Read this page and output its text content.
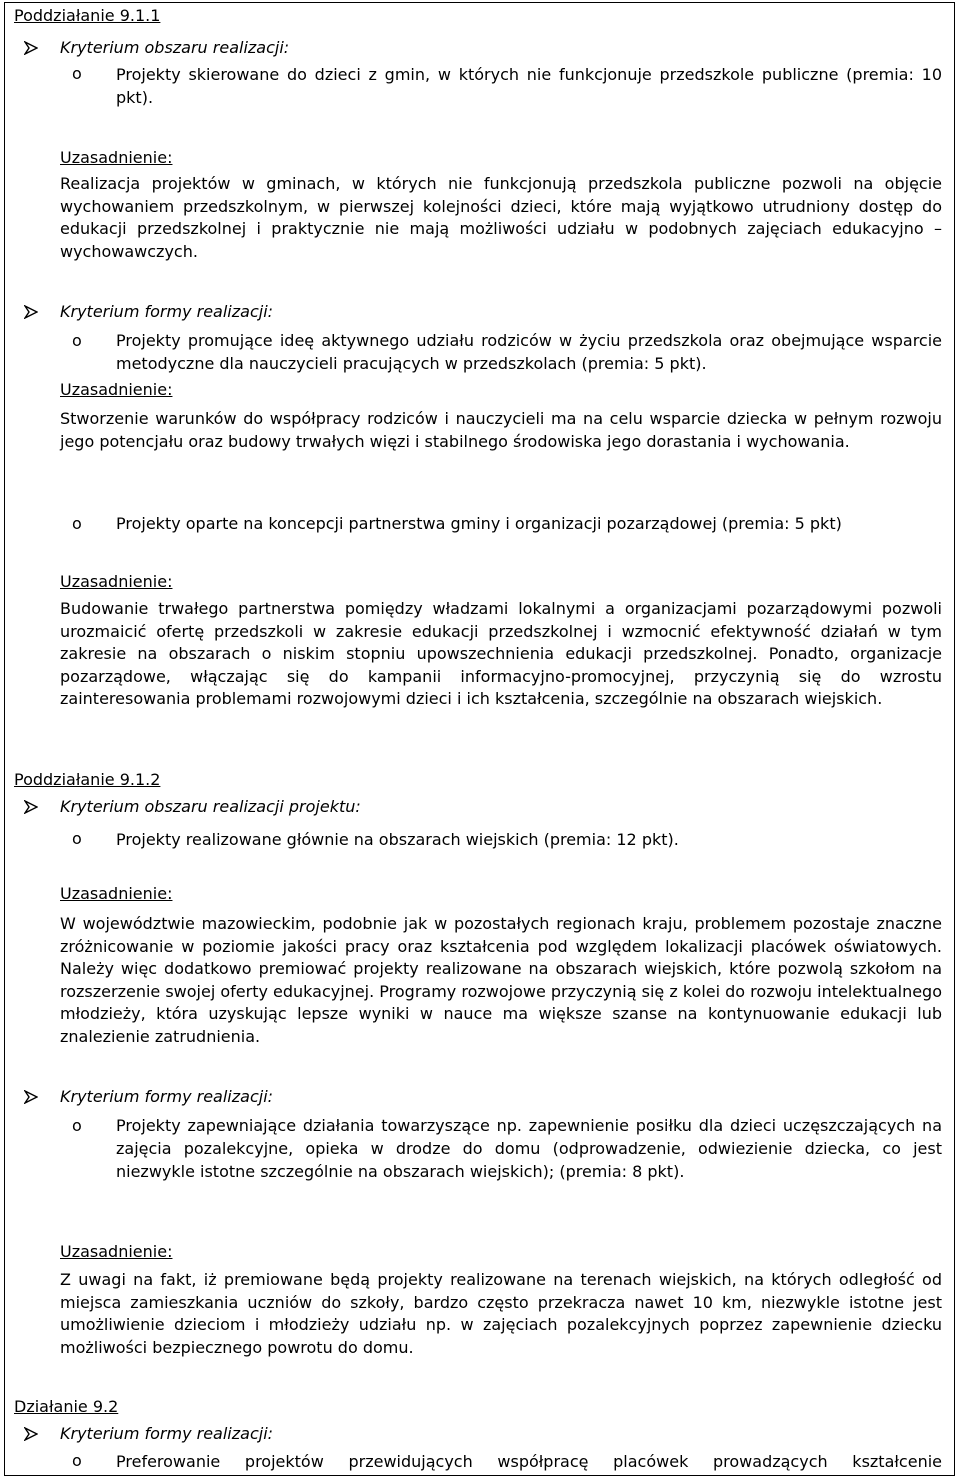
Poddziałanie 9.1.1
Kryterium obszaru realizacji:
o Projekty skierowane do dzieci z gmin, w których nie funkcjonuje przedszkole publiczne (premia: 10 pkt).
Uzasadnienie:
Realizacja projektów w gminach, w których nie funkcjonują przedszkola publiczne pozwoli na objęcie wychowaniem przedszkolnym, w pierwszej kolejności dzieci, które mają wyjątkowo utrudniony dostęp do edukacji przedszkolnej i praktycznie nie mają możliwości udziału w podobnych zajęciach edukacyjno – wychowawczych.
Kryterium formy realizacji:
o Projekty promujące ideę aktywnego udziału rodziców w życiu przedszkola oraz obejmujące wsparcie metodyczne dla nauczycieli pracujących w przedszkolach (premia: 5 pkt).
Uzasadnienie:
Stworzenie warunków do współpracy rodziców i nauczycieli ma na celu wsparcie dziecka w pełnym rozwoju jego potencjału oraz budowy trwałych więzi i stabilnego środowiska jego dorastania i wychowania.
o Projekty oparte na koncepcji partnerstwa gminy i organizacji pozarządowej (premia: 5 pkt)
Uzasadnienie:
Budowanie trwałego partnerstwa pomiędzy władzami lokalnymi a organizacjami pozarządowymi pozwoli urozmaicić ofertę przedszkoli w zakresie edukacji przedszkolnej i wzmocnić efektywność działań w tym zakresie na obszarach o niskim stopniu upowszechnienia edukacji przedszkolnej. Ponadto, organizacje pozarządowe, włączając się do kampanii informacyjno-promocyjnej, przyczynią się do wzrostu zainteresowania problemami rozwojowymi dzieci i ich kształcenia, szczególnie na obszarach wiejskich.
Poddziałanie 9.1.2
Kryterium obszaru realizacji projektu:
o Projekty realizowane głównie na obszarach wiejskich (premia: 12 pkt).
Uzasadnienie:
W województwie mazowieckim, podobnie jak w pozostałych regionach kraju, problemem pozostaje znaczne zróżnicowanie w poziomie jakości pracy oraz kształcenia pod względem lokalizacji placówek oświatowych. Należy więc dodatkowo premiować projekty realizowane na obszarach wiejskich, które pozwolą szkołom na rozszerzenie swojej oferty edukacyjnej. Programy rozwojowe przyczynią się z kolei do rozwoju intelektualnego młodzieży, która uzyskując lepsze wyniki w nauce ma większe szanse na kontynuowanie edukacji lub znalezienie zatrudnienia.
Kryterium formy realizacji:
o Projekty zapewniające działania towarzyszące np. zapewnienie posiłku dla dzieci uczęszczających na zajęcia pozalekcyjne, opieka w drodze do domu (odprowadzenie, odwiezienie dziecka, co jest niezwykle istotne szczególnie na obszarach wiejskich); (premia: 8 pkt).
Uzasadnienie:
Z uwagi na fakt, iż premiowane będą projekty realizowane na terenach wiejskich, na których odległość od miejsca zamieszkania uczniów do szkoły, bardzo często przekracza nawet 10 km, niezwykle istotne jest umożliwienie dzieciom i młodzieży udziału np. w zajęciach pozalekcyjnych poprzez zapewnienie dziecku możliwości bezpiecznego powrotu do domu.
Działanie 9.2
Kryterium formy realizacji:
o Preferowanie projektów przewidujących współpracę placówek prowadzących kształcenie
